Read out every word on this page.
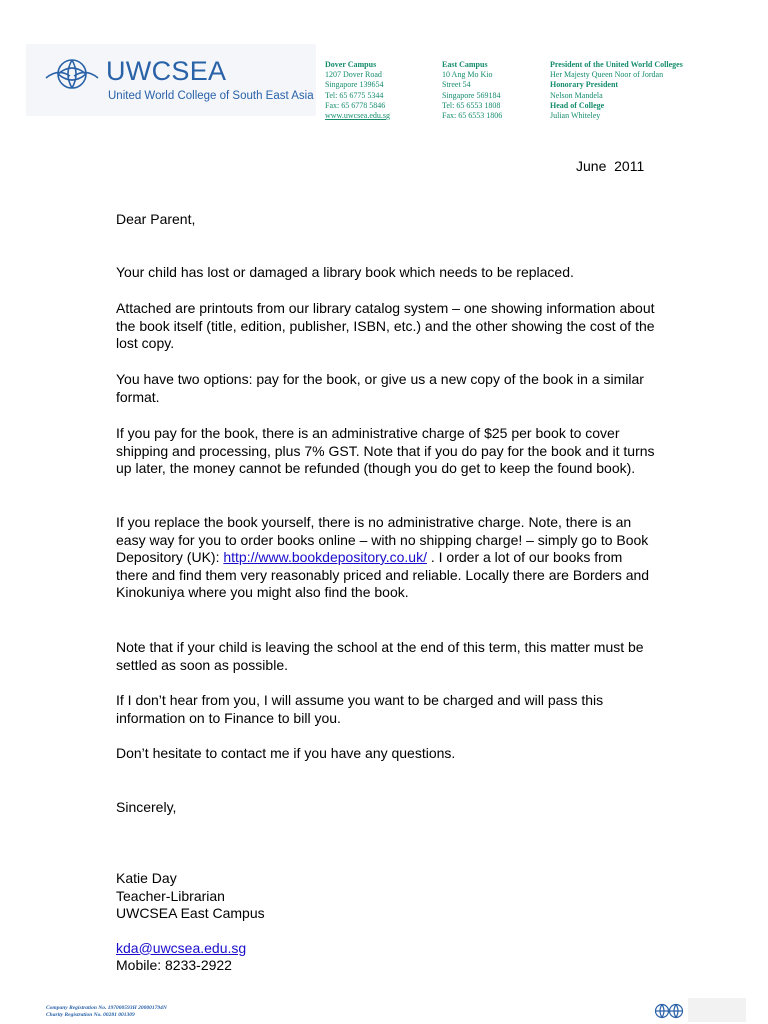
UWCSEA
United World College of South East Asia
Dover Campus
1207 Dover Road
Singapore 139654
Tel: 65 6775 5344
Fax: 65 6778 5846
www.uwcsea.edu.sg
East Campus
10 Ang Mo Kio
Street 54
Singapore 569184
Tel: 65 6553 1808
Fax: 65 6553 1806
President of the United World Colleges
Her Majesty Queen Noor of Jordan
Honorary President
Nelson Mandela
Head of College
Julian Whiteley
June  2011
Dear Parent,

Your child has lost or damaged a library book which needs to be replaced.

Attached are printouts from our library catalog system – one showing information about the book itself (title, edition, publisher, ISBN, etc.) and the other showing the cost of the lost copy.

You have two options: pay for the book, or give us a new copy of the book in a similar format.

If you pay for the book, there is an administrative charge of $25 per book to cover shipping and processing, plus 7% GST. Note that if you do pay for the book and it turns up later, the money cannot be refunded (though you do get to keep the found book).

If you replace the book yourself, there is no administrative charge. Note, there is an easy way for you to order books online – with no shipping charge! – simply go to Book Depository (UK): http://www.bookdepository.co.uk/ . I order a lot of our books from there and find them very reasonably priced and reliable. Locally there are Borders and Kinokuniya where you might also find the book.

Note that if your child is leaving the school at the end of this term, this matter must be settled as soon as possible.

If I don’t hear from you, I will assume you want to be charged and will pass this information on to Finance to bill you.

Don’t hesitate to contact me if you have any questions.

Sincerely,
Katie Day
Teacher-Librarian
UWCSEA East Campus
kda@uwcsea.edu.sg
Mobile: 8233-2922
Company Registration No. 197000593H 200001794N
Charity Registration No. 00281 001309
